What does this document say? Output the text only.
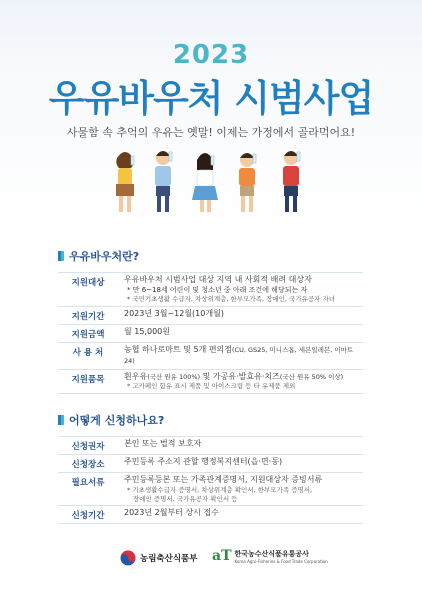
2023
우유바우처 시범사업
사물함 속 추억의 우유는 옛말! 이제는 가정에서 골라먹어요!
우유바우처란?
지원대상	우유바우처 시범사업 대상 지역 내 사회적 배려 대상자
* 만 6~18세 어린이 및 청소년 중 아래 조건에 해당되는 자
* 국민기초생활 수급자, 차상위계층, 한부모가족, 장애인, 국가유공자 자녀
지원기간	2023년 3월~12월(10개월)
지원금액	월 15,000원
사 용 처	농협 하나로마트 및 5개 편의점(CU, GS25, 미니스톱, 세븐일레븐, 이마트24)
지원품목	흰우유(국산 원유 100%) 및 가공유·발효유·치즈(국산 원유 50% 이상)
* 고카페인 함유 표시 제품 및 아이스크림 등 타 유제품 제외
어떻게 신청하나요?
신청권자	본인 또는 법적 보호자
신청장소	주민등록 주소지 관할 행정복지센터(읍·면·동)
필요서류	주민등록등본 또는 가족관계증명서, 지원대상자 증빙서류
* 기초생활수급자 증명서, 차상위계층 확인서, 한부모가족 증명서,
장애인 증명서, 국가유공자 확인서 등
신청기간	2023년 2월부터 상시 접수
농림축산식품부 aT 한국농수산식품유통공사
Korea Agro-Fisheries & Food Trade Corporation
